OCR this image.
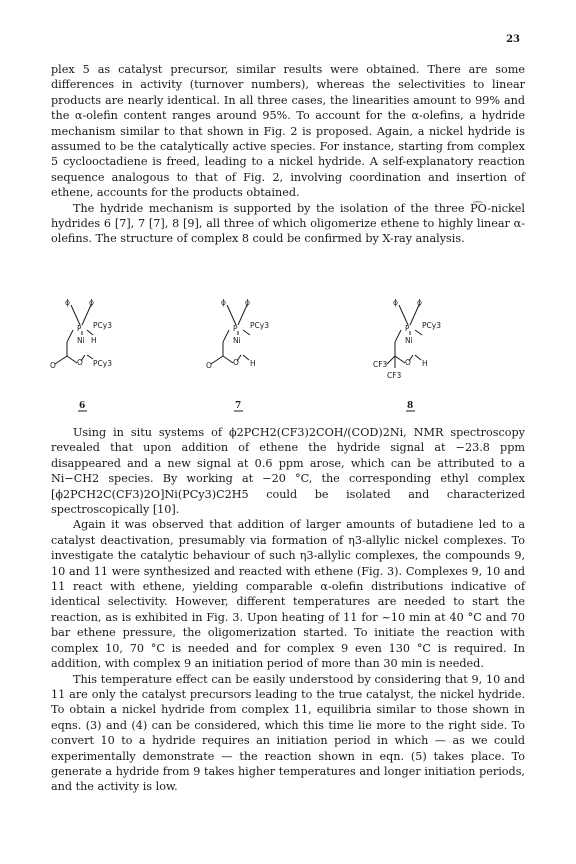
23

plex 5 as catalyst precursor, similar results were obtained. There are some differences in activity (turnover numbers), whereas the selectivities to linear products are nearly identical. In all three cases, the linearities amount to 99% and the α-olefin content ranges around 95%. To account for the α-olefins, a hydride mechanism similar to that shown in Fig. 2 is proposed. Again, a nickel hydride is assumed to be the catalytically active species. For instance, starting from complex 5 cyclooctadiene is freed, leading to a nickel hydride. A self-explanatory reaction sequence analogous to that of Fig. 2, involving coordination and insertion of ethene, accounts for the products obtained.

The hydride mechanism is supported by the isolation of the three P͡O-nickel hydrides 6 [7], 7 [7], 8 [9], all three of which oligomerize ethene to highly linear α-olefins. The structure of complex 8 could be confirmed by X-ray analysis.

ϕ	ϕ
P PCy3
Ni H
O	O PCy3
6
ϕ	ϕ
P PCy3
Ni
O	O H
7
ϕ	ϕ
P PCy3
Ni
CF3
CF3
O H
8

Using in situ systems of ϕ2PCH2(CF3)2COH/(COD)2Ni, NMR spectroscopy revealed that upon addition of ethene the hydride signal at −23.8 ppm disappeared and a new signal at 0.6 ppm arose, which can be attributed to a Ni−CH2 species. By working at −20 °C, the corresponding ethyl complex [ϕ2PCH2C(CF3)2O]Ni(PCy3)C2H5 could be isolated and characterized spectroscopically [10].

Again it was observed that addition of larger amounts of butadiene led to a catalyst deactivation, presumably via formation of η3-allylic nickel complexes. To investigate the catalytic behaviour of such η3-allylic complexes, the compounds 9, 10 and 11 were synthesized and reacted with ethene (Fig. 3). Complexes 9, 10 and 11 react with ethene, yielding comparable α-olefin distributions indicative of identical selectivity. However, different temperatures are needed to start the reaction, as is exhibited in Fig. 3. Upon heating of 11 for ~10 min at 40 °C and 70 bar ethene pressure, the oligomerization started. To initiate the reaction with complex 10, 70 °C is needed and for complex 9 even 130 °C is required. In addition, with complex 9 an initiation period of more than 30 min is needed.

This temperature effect can be easily understood by considering that 9, 10 and 11 are only the catalyst precursors leading to the true catalyst, the nickel hydride. To obtain a nickel hydride from complex 11, equilibria similar to those shown in eqns. (3) and (4) can be considered, which this time lie more to the right side. To convert 10 to a hydride requires an initiation period in which — as we could experimentally demonstrate — the reaction shown in eqn. (5) takes place. To generate a hydride from 9 takes higher temperatures and longer initiation periods, and the activity is low.
